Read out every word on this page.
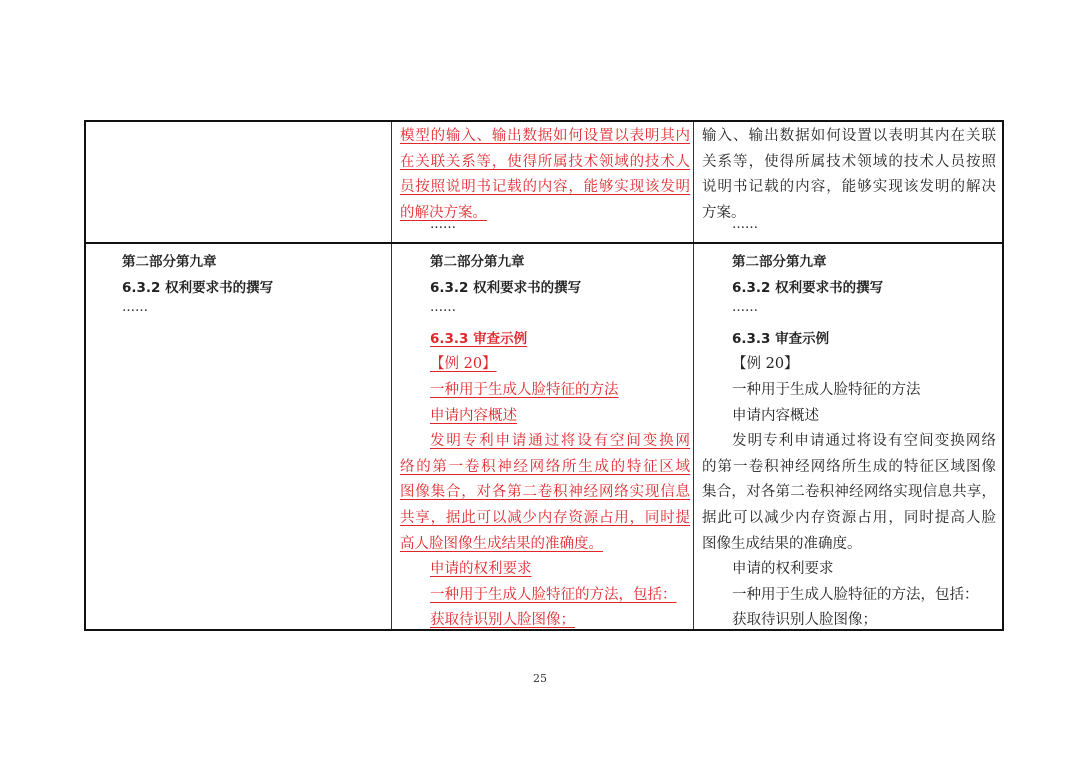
模型的输入、输出数据如何设置以表明其内
在关联关系等，使得所属技术领域的技术人
员按照说明书记载的内容，能够实现该发明
的解决方案。
……
输入、输出数据如何设置以表明其内在关联
关系等，使得所属技术领域的技术人员按照
说明书记载的内容，能够实现该发明的解决
方案。
……
第二部分第九章
6.3.2 权利要求书的撰写
……
第二部分第九章
6.3.2 权利要求书的撰写
……
6.3.3 审查示例
【例 20】
一种用于生成人脸特征的方法
申请内容概述
发明专利申请通过将设有空间变换网
络的第一卷积神经网络所生成的特征区域
图像集合，对各第二卷积神经网络实现信息
共享，据此可以减少内存资源占用，同时提
高人脸图像生成结果的准确度。
申请的权利要求
一种用于生成人脸特征的方法，包括：
获取待识别人脸图像；
第二部分第九章
6.3.2 权利要求书的撰写
……
6.3.3 审查示例
【例 20】
一种用于生成人脸特征的方法
申请内容概述
发明专利申请通过将设有空间变换网络
的第一卷积神经网络所生成的特征区域图像
集合，对各第二卷积神经网络实现信息共享，
据此可以减少内存资源占用，同时提高人脸
图像生成结果的准确度。
申请的权利要求
一种用于生成人脸特征的方法，包括：
获取待识别人脸图像；
25
